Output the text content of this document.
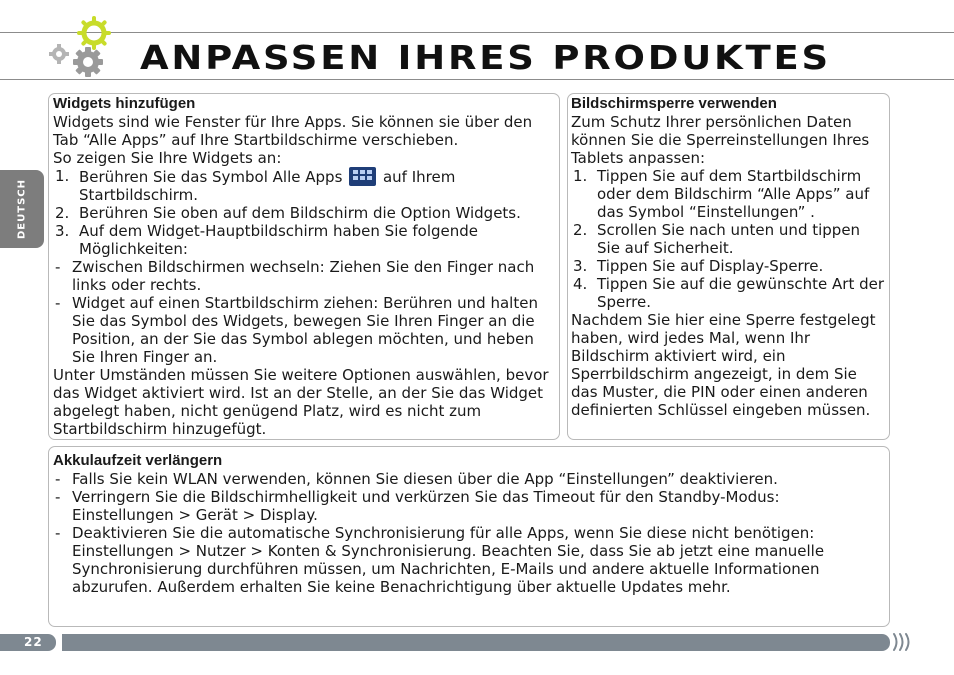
ANPASSEN IHRES PRODUKTES
DEUTSCH
Widgets hinzufügen

Widgets sind wie Fenster für Ihre Apps. Sie können sie über den Tab “Alle Apps” auf Ihre Startbildschirme verschieben.

So zeigen Sie Ihre Widgets an:

1. Berühren Sie das Symbol Alle Apps	auf Ihrem Startbildschirm.
2. Berühren Sie oben auf dem Bildschirm die Option Widgets.
3. Auf dem Widget-Hauptbildschirm haben Sie folgende Möglichkeiten:
- Zwischen Bildschirmen wechseln: Ziehen Sie den Finger nach links oder rechts.
- Widget auf einen Startbildschirm ziehen: Berühren und halten Sie das Symbol des Widgets, bewegen Sie Ihren Finger an die Position, an der Sie das Symbol ablegen möchten, und heben Sie Ihren Finger an.

Unter Umständen müssen Sie weitere Optionen auswählen, bevor das Widget aktiviert wird. Ist an der Stelle, an der Sie das Widget abgelegt haben, nicht genügend Platz, wird es nicht zum Startbildschirm hinzugefügt.

Bildschirmsperre verwenden

Zum Schutz Ihrer persönlichen Daten können Sie die Sperreinstellungen Ihres Tablets anpassen:

1. Tippen Sie auf dem Startbildschirm oder dem Bildschirm “Alle Apps” auf das Symbol “Einstellungen” .
2. Scrollen Sie nach unten und tippen Sie auf Sicherheit.
3. Tippen Sie auf Display-Sperre.
4. Tippen Sie auf die gewünschte Art der Sperre.

Nachdem Sie hier eine Sperre festgelegt haben, wird jedes Mal, wenn Ihr Bildschirm aktiviert wird, ein Sperrbildschirm angezeigt, in dem Sie das Muster, die PIN oder einen anderen definierten Schlüssel eingeben müssen.

Akkulaufzeit verlängern
- Falls Sie kein WLAN verwenden, können Sie diesen über die App “Einstellungen” deaktivieren.
- Verringern Sie die Bildschirmhelligkeit und verkürzen Sie das Timeout für den Standby-Modus: Einstellungen > Gerät > Display.
- Deaktivieren Sie die automatische Synchronisierung für alle Apps, wenn Sie diese nicht benötigen: Einstellungen > Nutzer > Konten & Synchronisierung. Beachten Sie, dass Sie ab jetzt eine manuelle Synchronisierung durchführen müssen, um Nachrichten, E-Mails und andere aktuelle Informationen abzurufen. Außerdem erhalten Sie keine Benachrichtigung über aktuelle Updates mehr.
22
